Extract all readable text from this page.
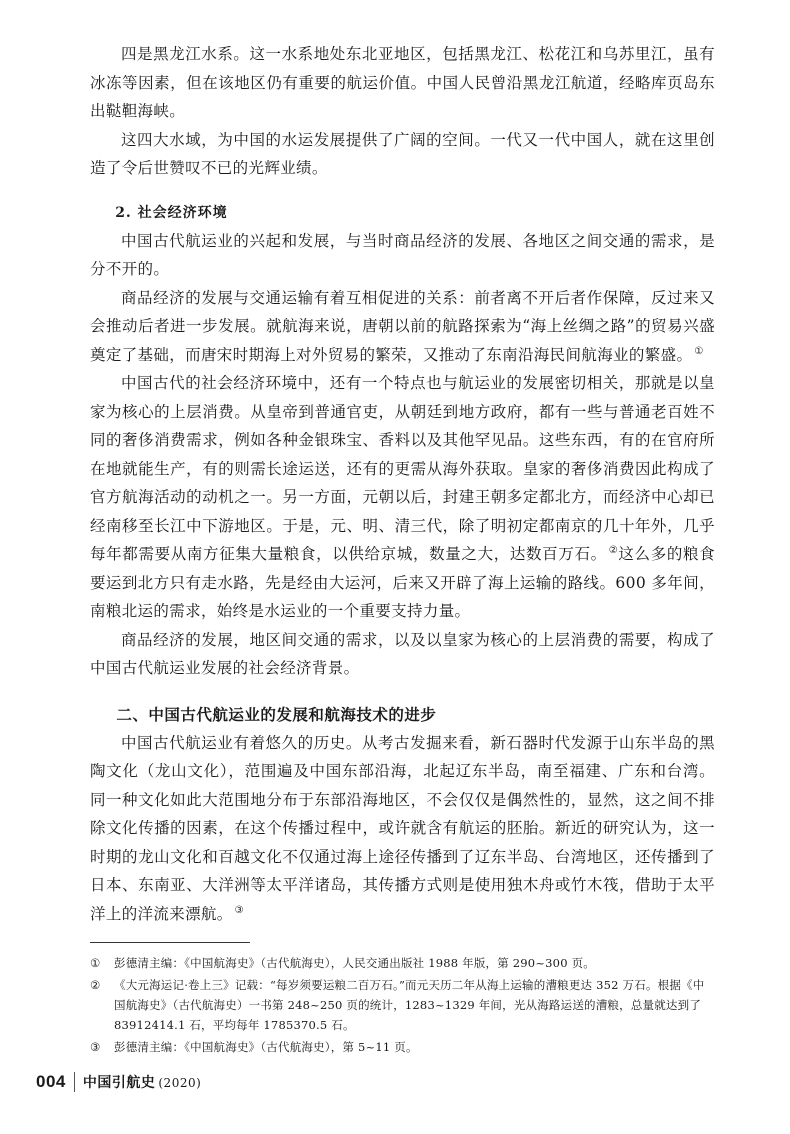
四是黑龙江水系。这一水系地处东北亚地区，包括黑龙江、松花江和乌苏里江，虽有冰冻等因素，但在该地区仍有重要的航运价值。中国人民曾沿黑龙江航道，经略库页岛东出鞑靼海峡。

这四大水域，为中国的水运发展提供了广阔的空间。一代又一代中国人，就在这里创造了令后世赞叹不已的光辉业绩。

2. 社会经济环境

中国古代航运业的兴起和发展，与当时商品经济的发展、各地区之间交通的需求，是分不开的。

商品经济的发展与交通运输有着互相促进的关系：前者离不开后者作保障，反过来又会推动后者进一步发展。就航海来说，唐朝以前的航路探索为“海上丝绸之路”的贸易兴盛奠定了基础，而唐宋时期海上对外贸易的繁荣，又推动了东南沿海民间航海业的繁盛。 ①

中国古代的社会经济环境中，还有一个特点也与航运业的发展密切相关，那就是以皇家为核心的上层消费。从皇帝到普通官吏，从朝廷到地方政府，都有一些与普通老百姓不同的奢侈消费需求，例如各种金银珠宝、香料以及其他罕见品。这些东西，有的在官府所在地就能生产，有的则需长途运送，还有的更需从海外获取。皇家的奢侈消费因此构成了官方航海活动的动机之一。另一方面，元朝以后，封建王朝多定都北方，而经济中心却已经南移至长江中下游地区。于是，元、明、清三代，除了明初定都南京的几十年外，几乎每年都需要从南方征集大量粮食，以供给京城，数量之大，达数百万石。 ②这么多的粮食要运到北方只有走水路，先是经由大运河，后来又开辟了海上运输的路线。600 多年间，南粮北运的需求，始终是水运业的一个重要支持力量。

商品经济的发展，地区间交通的需求，以及以皇家为核心的上层消费的需要，构成了中国古代航运业发展的社会经济背景。

二、中国古代航运业的发展和航海技术的进步

中国古代航运业有着悠久的历史。从考古发掘来看，新石器时代发源于山东半岛的黑陶文化（龙山文化），范围遍及中国东部沿海，北起辽东半岛，南至福建、广东和台湾。同一种文化如此大范围地分布于东部沿海地区，不会仅仅是偶然性的，显然，这之间不排除文化传播的因素，在这个传播过程中，或许就含有航运的胚胎。新近的研究认为，这一时期的龙山文化和百越文化不仅通过海上途径传播到了辽东半岛、台湾地区，还传播到了日本、东南亚、大洋洲等太平洋诸岛，其传播方式则是使用独木舟或竹木筏，借助于太平洋上的洋流来漂航。 ③

①	彭德清主编：《中国航海史》（古代航海史），人民交通出版社 1988 年版，第 290~300 页。
②	《大元海运记·卷上三》记载：“每岁须要运粮二百万石。”而元天历二年从海上运输的漕粮更达 352 万石。根据《中国航海史》（古代航海史）一书第 248~250 页的统计，1283~1329 年间，光从海路运送的漕粮，总量就达到了 83912414.1 石，平均每年 1785370.5 石。
③	彭德清主编：《中国航海史》（古代航海史），第 5~11 页。
004	中国引航史 (2020)
